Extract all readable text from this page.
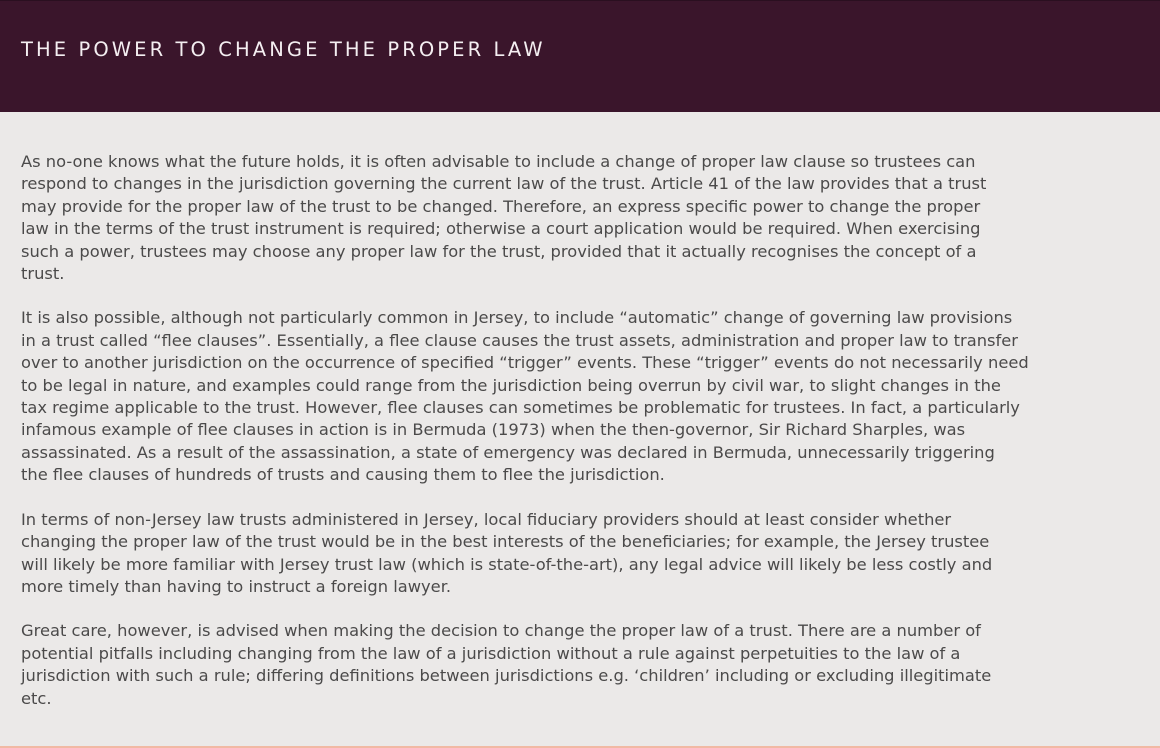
THE POWER TO CHANGE THE PROPER LAW

As no-one knows what the future holds, it is often advisable to include a change of proper law clause so trustees can
respond to changes in the jurisdiction governing the current law of the trust. Article 41 of the law provides that a trust
may provide for the proper law of the trust to be changed. Therefore, an express specific power to change the proper
law in the terms of the trust instrument is required; otherwise a court application would be required. When exercising
such a power, trustees may choose any proper law for the trust, provided that it actually recognises the concept of a
trust.

It is also possible, although not particularly common in Jersey, to include “automatic” change of governing law provisions
in a trust called “flee clauses”. Essentially, a flee clause causes the trust assets, administration and proper law to transfer
over to another jurisdiction on the occurrence of specified “trigger” events. These “trigger” events do not necessarily need
to be legal in nature, and examples could range from the jurisdiction being overrun by civil war, to slight changes in the
tax regime applicable to the trust. However, flee clauses can sometimes be problematic for trustees. In fact, a particularly
infamous example of flee clauses in action is in Bermuda (1973) when the then-governor, Sir Richard Sharples, was
assassinated. As a result of the assassination, a state of emergency was declared in Bermuda, unnecessarily triggering
the flee clauses of hundreds of trusts and causing them to flee the jurisdiction.

In terms of non-Jersey law trusts administered in Jersey, local fiduciary providers should at least consider whether
changing the proper law of the trust would be in the best interests of the beneficiaries; for example, the Jersey trustee
will likely be more familiar with Jersey trust law (which is state-of-the-art), any legal advice will likely be less costly and
more timely than having to instruct a foreign lawyer.

Great care, however, is advised when making the decision to change the proper law of a trust. There are a number of
potential pitfalls including changing from the law of a jurisdiction without a rule against perpetuities to the law of a
jurisdiction with such a rule; differing definitions between jurisdictions e.g. ‘children’ including or excluding illegitimate
etc.
